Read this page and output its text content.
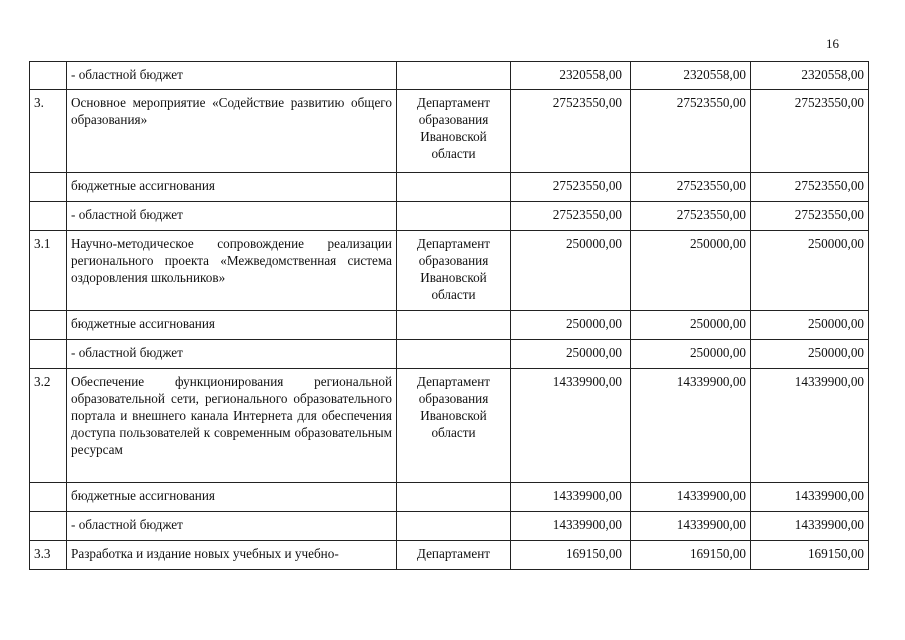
16
	- областной бюджет		2320558,00	2320558,00	2320558,00
3.	Основное мероприятие «Содействие развитию общего образования»	Департамент образования Ивановской области	27523550,00	27523550,00	27523550,00
	бюджетные ассигнования		27523550,00	27523550,00	27523550,00
	- областной бюджет		27523550,00	27523550,00	27523550,00
3.1	Научно-методическое сопровождение реализации регионального проекта «Межведомственная система оздоровления школьников»	Департамент образования Ивановской области	250000,00	250000,00	250000,00
	бюджетные ассигнования		250000,00	250000,00	250000,00
	- областной бюджет		250000,00	250000,00	250000,00
3.2	Обеспечение функционирования региональной образовательной сети, регионального образовательного портала и внешнего канала Интернета для обеспечения доступа пользователей к современным образовательным ресурсам	Департамент образования Ивановской области	14339900,00	14339900,00	14339900,00
	бюджетные ассигнования		14339900,00	14339900,00	14339900,00
	- областной бюджет		14339900,00	14339900,00	14339900,00
3.3	Разработка и издание новых учебных и учебно-	Департамент	169150,00	169150,00	169150,00
